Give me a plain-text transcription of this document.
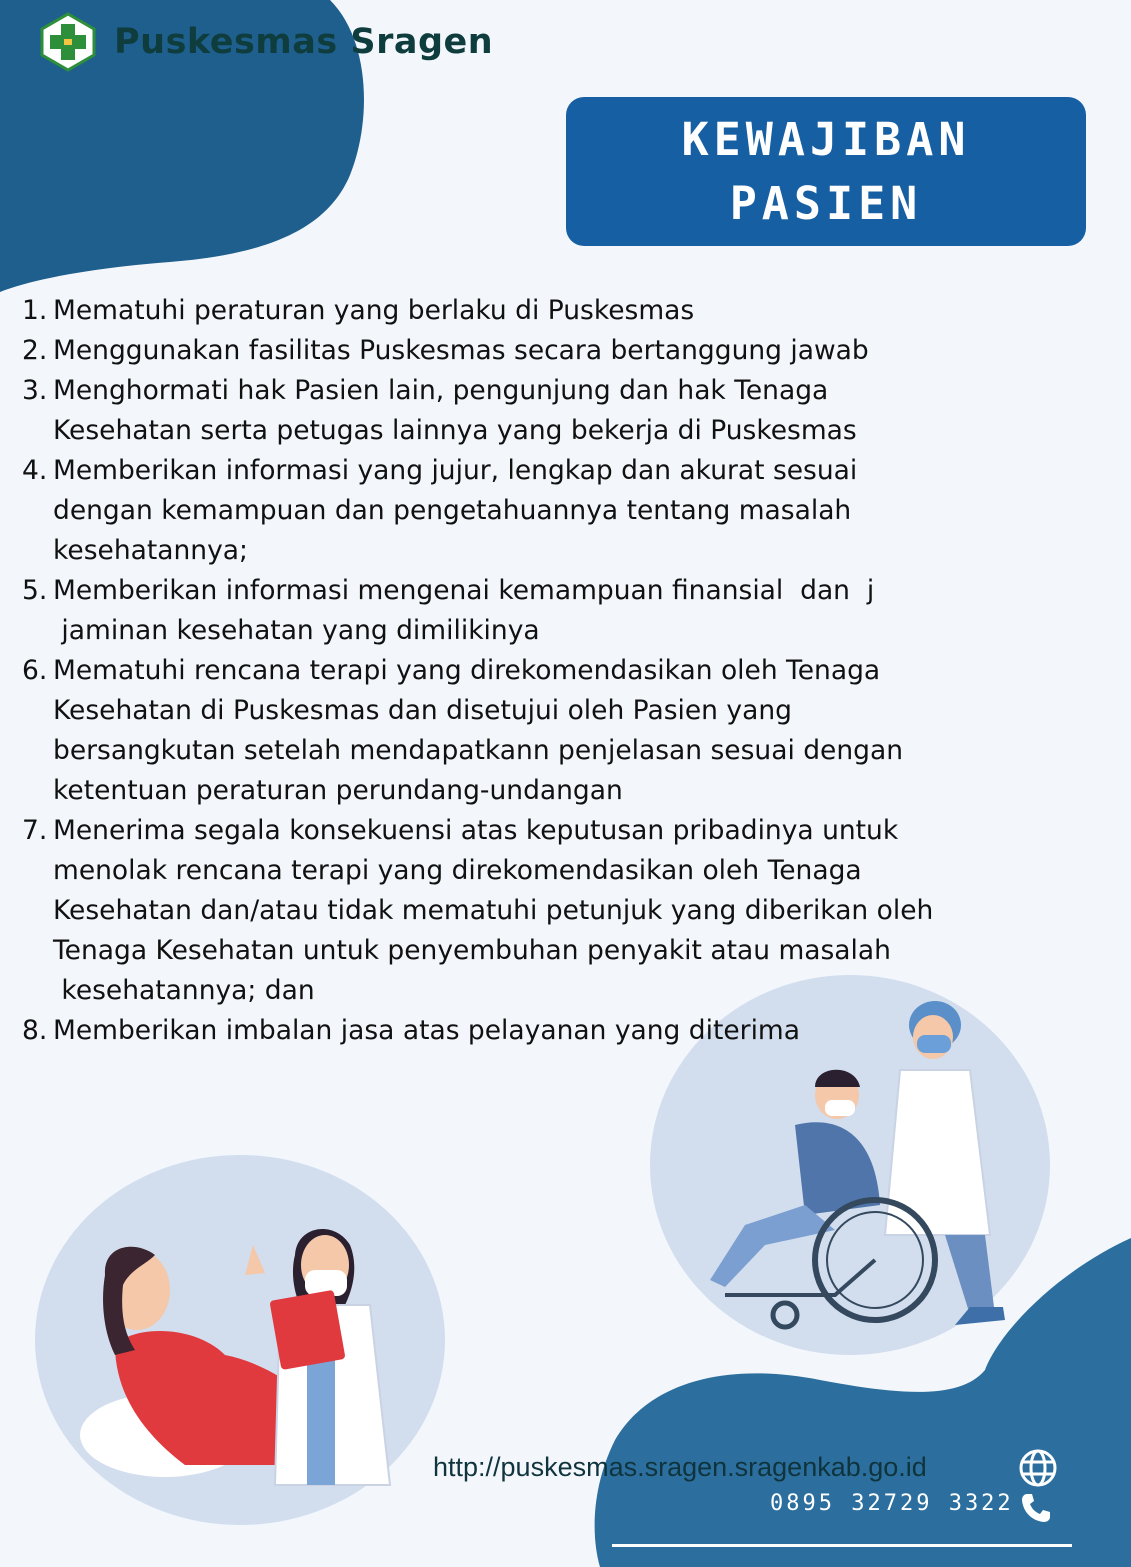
Puskesmas Sragen
KEWAJIBAN
PASIEN
1. Mematuhi peraturan yang berlaku di Puskesmas
2. Menggunakan fasilitas Puskesmas secara bertanggung jawab
3. Menghormati hak Pasien lain, pengunjung dan hak Tenaga
Kesehatan serta petugas lainnya yang bekerja di Puskesmas
4. Memberikan informasi yang jujur, lengkap dan akurat sesuai
dengan kemampuan dan pengetahuannya tentang masalah
kesehatannya;
5. Memberikan informasi mengenai kemampuan finansial  dan  j
jaminan kesehatan yang dimilikinya
6. Mematuhi rencana terapi yang direkomendasikan oleh Tenaga
Kesehatan di Puskesmas dan disetujui oleh Pasien yang
bersangkutan setelah mendapatkann penjelasan sesuai dengan
ketentuan peraturan perundang-undangan
7. Menerima segala konsekuensi atas keputusan pribadinya untuk
menolak rencana terapi yang direkomendasikan oleh Tenaga
Kesehatan dan/atau tidak mematuhi petunjuk yang diberikan oleh
Tenaga Kesehatan untuk penyembuhan penyakit atau masalah
kesehatannya; dan
8. Memberikan imbalan jasa atas pelayanan yang diterima
http://puskesmas.sragen.sragenkab.go.id
0895 32729 3322
